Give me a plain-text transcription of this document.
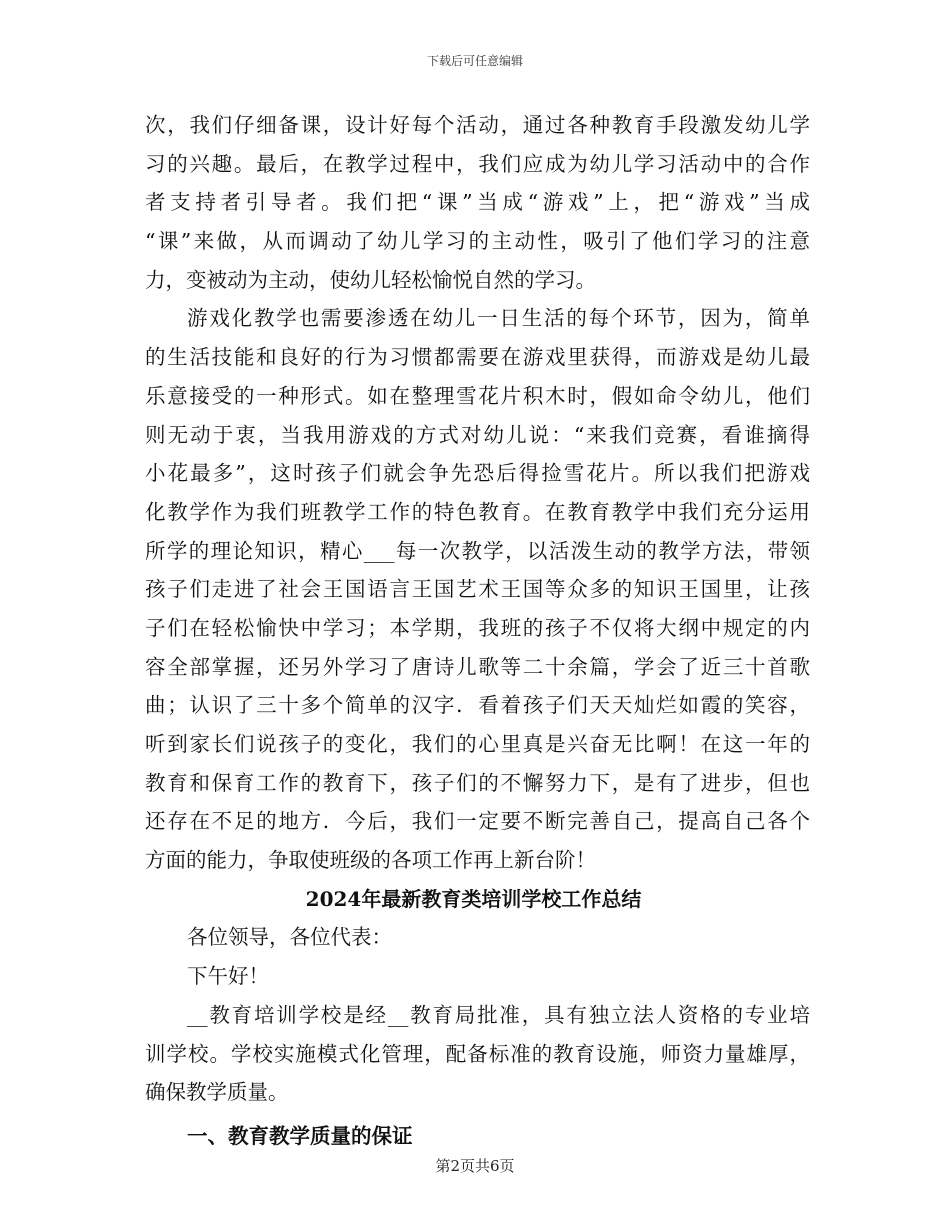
下载后可任意编辑
次，我们仔细备课，设计好每个活动，通过各种教育手段激发幼儿学
习的兴趣。最后，在教学过程中，我们应成为幼儿学习活动中的合作
者支持者引导者。我们把“课”当成“游戏”上，把“游戏”当成
“课”来做，从而调动了幼儿学习的主动性，吸引了他们学习的注意
力，变被动为主动，使幼儿轻松愉悦自然的学习。
游戏化教学也需要渗透在幼儿一日生活的每个环节，因为，简单
的生活技能和良好的行为习惯都需要在游戏里获得，而游戏是幼儿最
乐意接受的一种形式。如在整理雪花片积木时，假如命令幼儿，他们
则无动于衷，当我用游戏的方式对幼儿说：“来我们竞赛，看谁摘得
小花最多”，这时孩子们就会争先恐后得捡雪花片。所以我们把游戏
化教学作为我们班教学工作的特色教育。在教育教学中我们充分运用
所学的理论知识，精心___每一次教学，以活泼生动的教学方法，带领
孩子们走进了社会王国语言王国艺术王国等众多的知识王国里，让孩
子们在轻松愉快中学习；本学期，我班的孩子不仅将大纲中规定的内
容全部掌握，还另外学习了唐诗儿歌等二十余篇，学会了近三十首歌
曲；认识了三十多个简单的汉字．看着孩子们天天灿烂如霞的笑容，
听到家长们说孩子的变化，我们的心里真是兴奋无比啊！在这一年的
教育和保育工作的教育下，孩子们的不懈努力下，是有了进步，但也
还存在不足的地方．今后，我们一定要不断完善自己，提高自己各个
方面的能力，争取使班级的各项工作再上新台阶！
2024年最新教育类培训学校工作总结
各位领导，各位代表：
下午好！
__教育培训学校是经__教育局批准，具有独立法人资格的专业培
训学校。学校实施模式化管理，配备标准的教育设施，师资力量雄厚，
确保教学质量。
一、教育教学质量的保证
第2页共6页
